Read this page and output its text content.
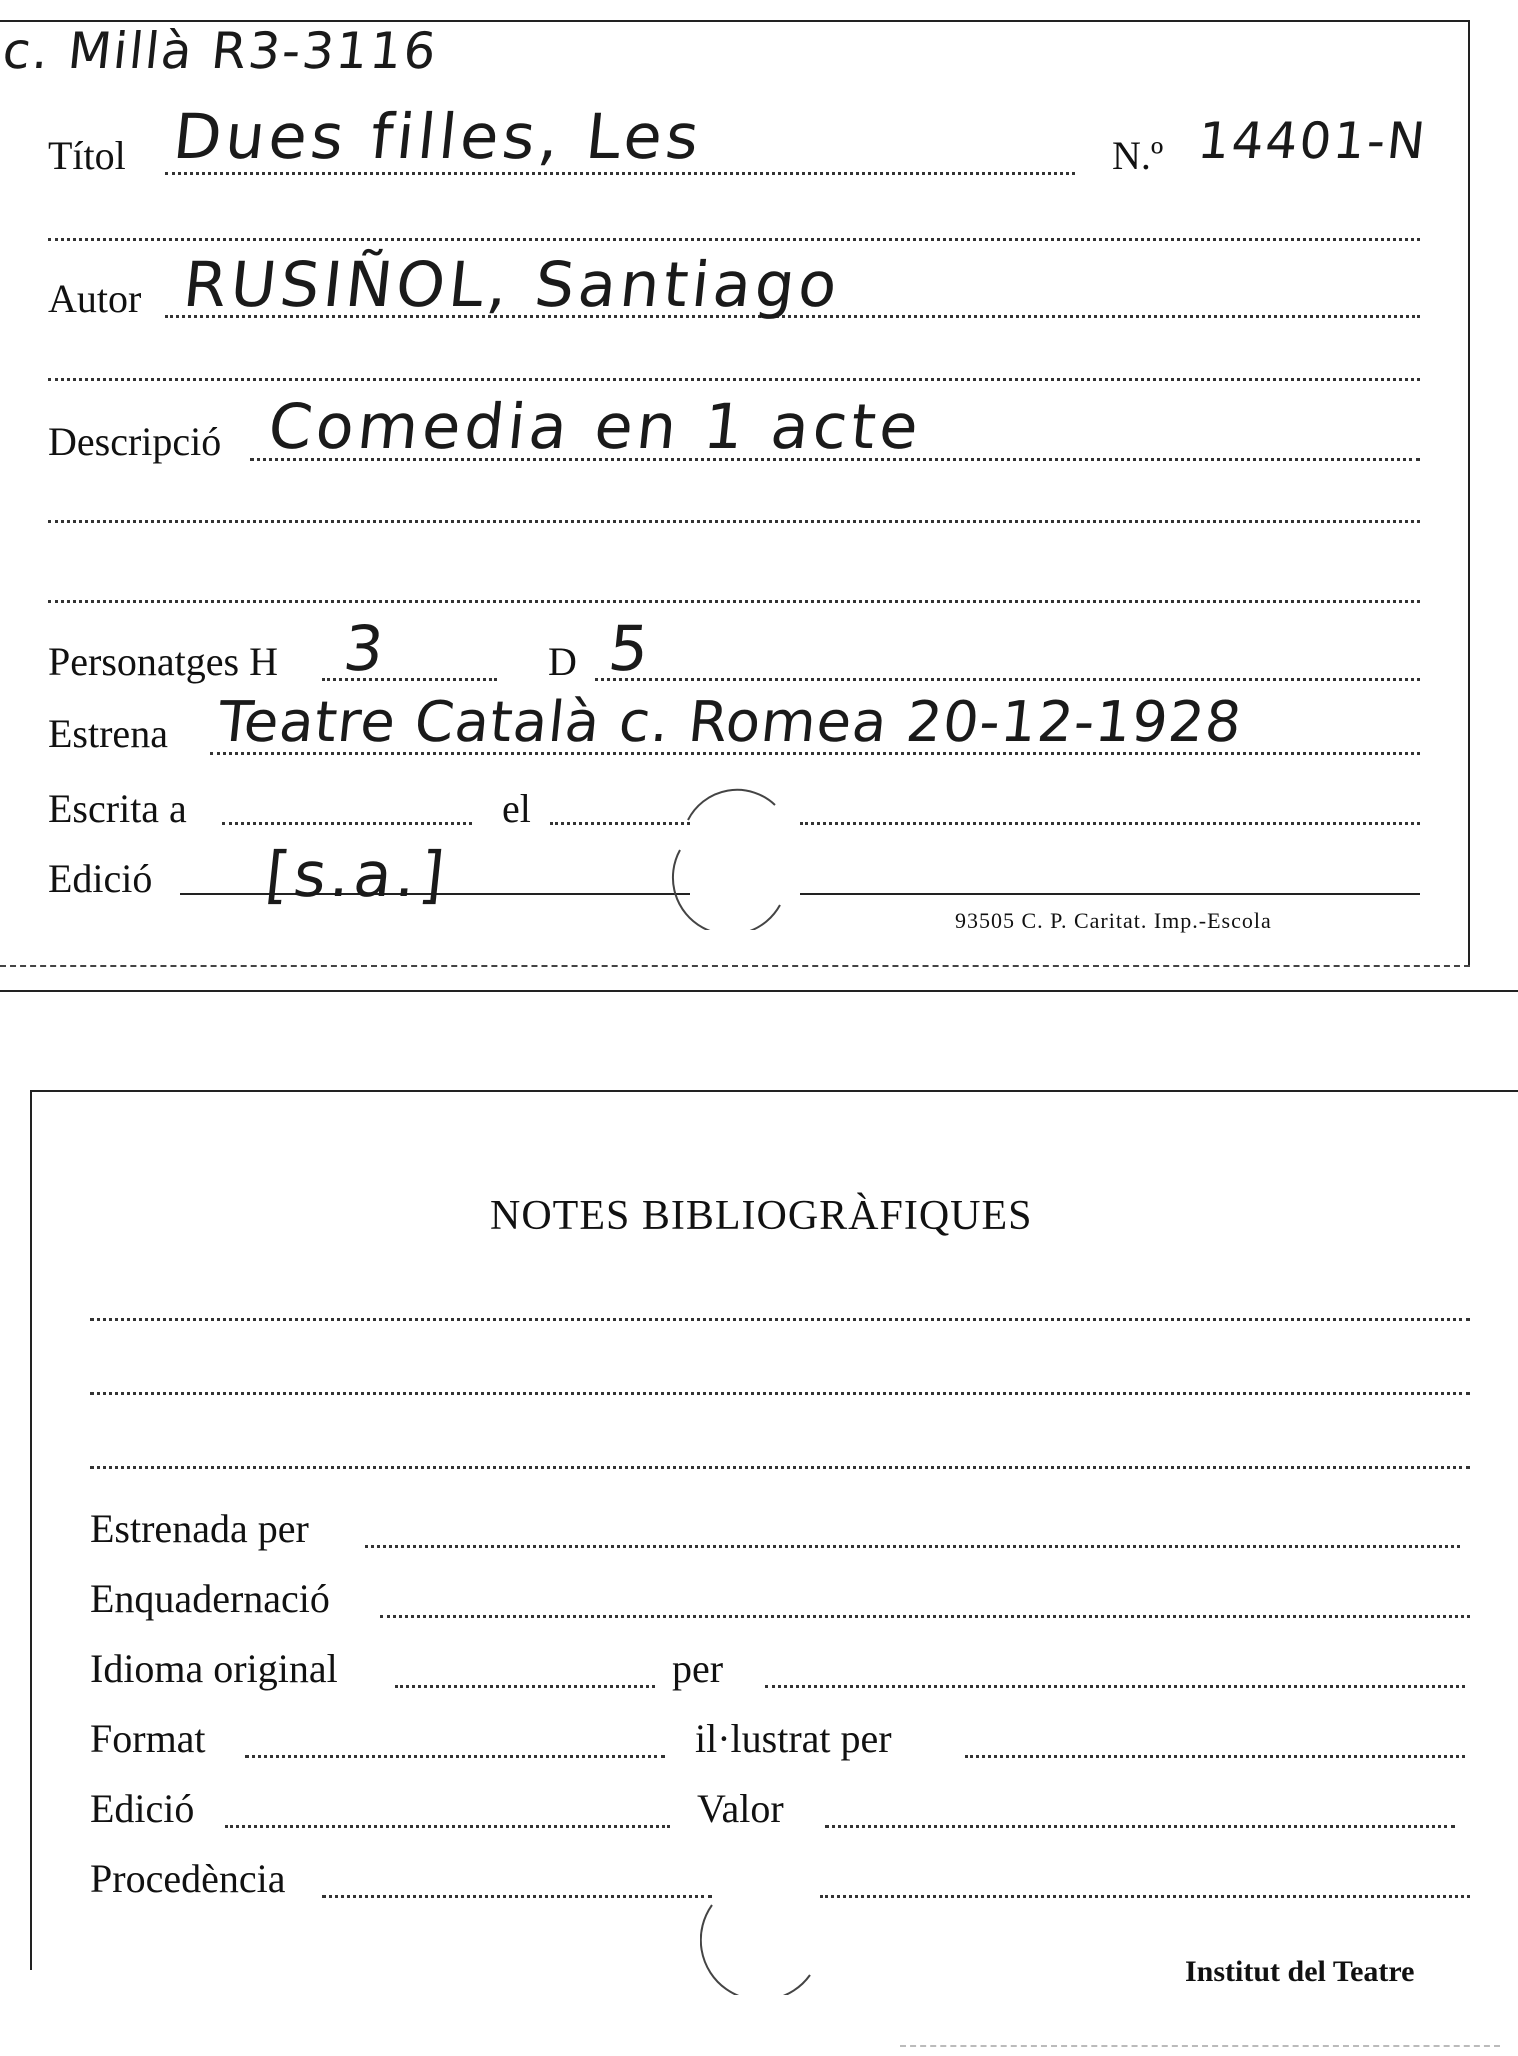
c. Millà R3-3116
Títol Dues filles, Les	N.º 14401-N
Autor RUSIÑOL, Santiago
Descripció Comedia en 1 acte
Personatges H 3	D 5
Estrena Teatre Català c. Romea 20-12-1928
Escrita a	el
Edició [s.a.]
93505 C. P. Caritat. Imp.-Escola
NOTES BIBLIOGRÀFIQUES
Estrenada per
Enquadernació
Idioma original	per
Format	il·lustrat per
Edició	Valor
Procedència
Institut del Teatre
